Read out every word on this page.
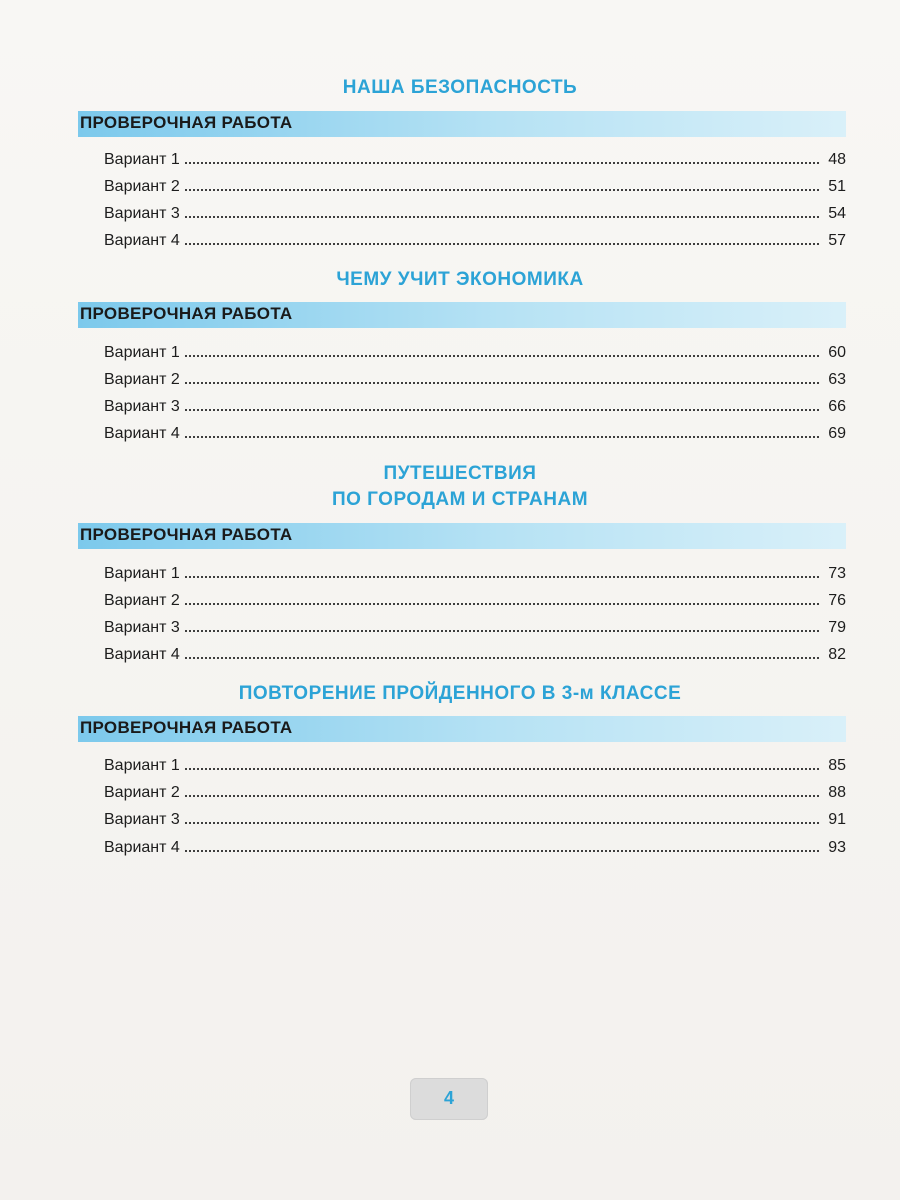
НАША БЕЗОПАСНОСТЬ
ПРОВЕРОЧНАЯ РАБОТА
Вариант 1	48
Вариант 2	51
Вариант 3	54
Вариант 4	57
ЧЕМУ УЧИТ ЭКОНОМИКА
ПРОВЕРОЧНАЯ РАБОТА
Вариант 1	60
Вариант 2	63
Вариант 3	66
Вариант 4	69
ПУТЕШЕСТВИЯ
ПО ГОРОДАМ И СТРАНАМ
ПРОВЕРОЧНАЯ РАБОТА
Вариант 1	73
Вариант 2	76
Вариант 3	79
Вариант 4	82
ПОВТОРЕНИЕ ПРОЙДЕННОГО В 3-м КЛАССЕ
ПРОВЕРОЧНАЯ РАБОТА
Вариант 1	85
Вариант 2	88
Вариант 3	91
Вариант 4	93
4
